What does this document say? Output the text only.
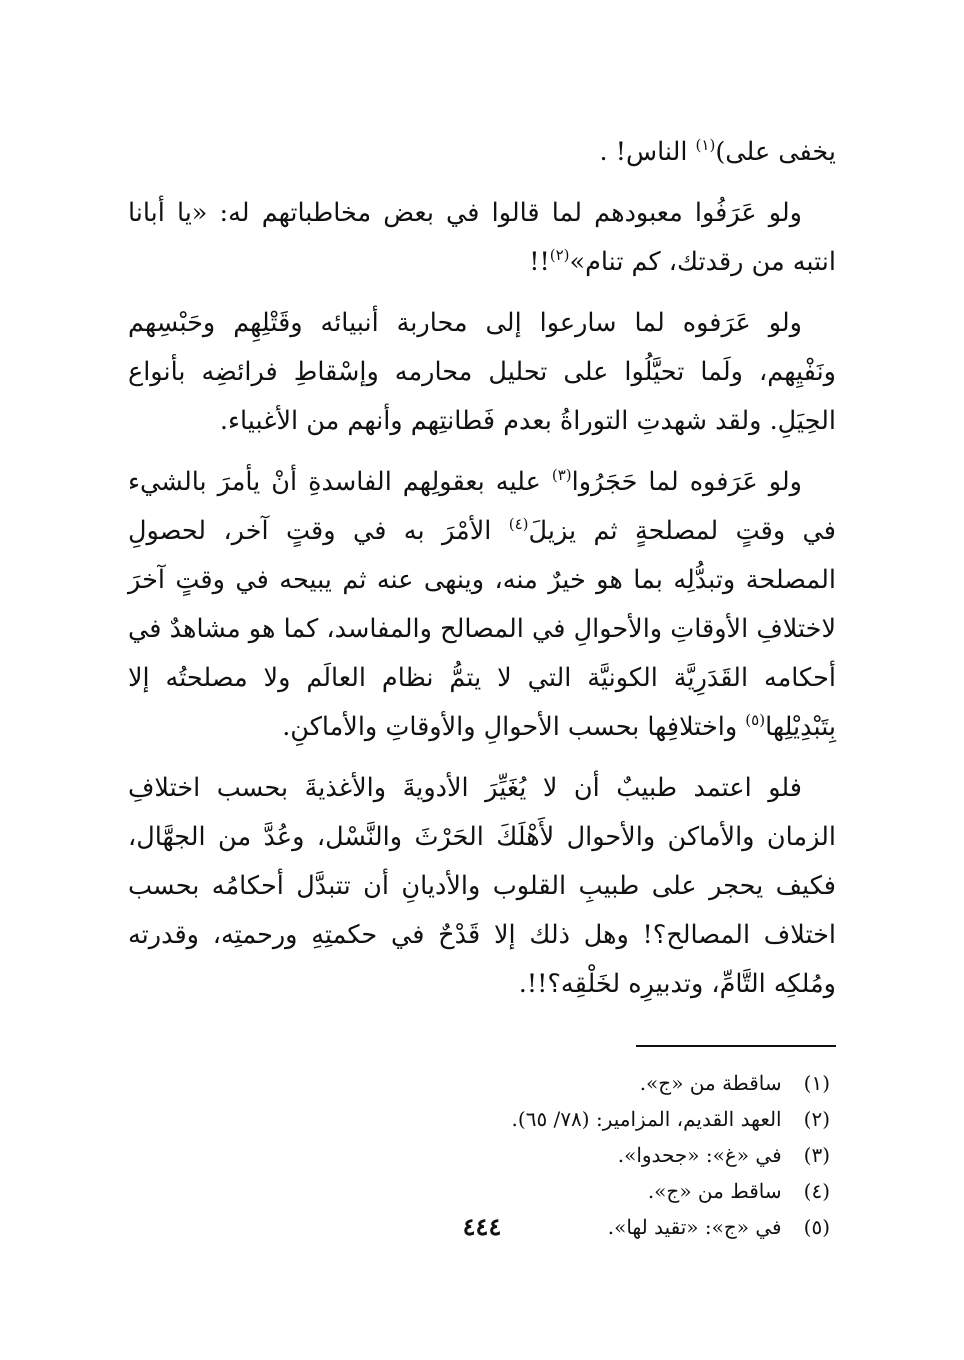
يخفى على)$^{(١)}$ الناس! .

ولو عَرَفُوا معبودهم لما قالوا في بعض مخاطباتهم له: «يا أبانا انتبه من رقدتك، كم تنام»$^{(٢)}$!!

ولو عَرَفوه لما سارعوا إلى محاربة أنبيائه وقَتْلِهِم وحَبْسِهم ونَفْيِهم، ولَما تحيَّلُوا على تحليل محارمه وإسْقاطِ فرائضِه بأنواع الحِيَلِ. ولقد شهدتِ التوراةُ بعدم فَطانتِهم وأنهم من الأغبياء.

ولو عَرَفوه لما حَجَرُوا$^{(٣)}$ عليه بعقولِهم الفاسدةِ أنْ يأمرَ بالشيء في وقتٍ لمصلحةٍ ثم يزيلَ$^{(٤)}$ الأمْرَ به في وقتٍ آخر، لحصولِ المصلحة وتبدُّلِه بما هو خيرٌ منه، وينهى عنه ثم يبيحه في وقتٍ آخرَ لاختلافِ الأوقاتِ والأحوالِ في المصالح والمفاسد، كما هو مشاهدٌ في أحكامه القَدَرِيَّة الكونيَّة التي لا يتمُّ نظام العالَم ولا مصلحتُه إلا بِتَبْدِيْلِها$^{(٥)}$ واختلافِها بحسب الأحوالِ والأوقاتِ والأماكنِ.

فلو اعتمد طبيبٌ أن لا يُغَيِّرَ الأدويةَ والأغذيةَ بحسب اختلافِ الزمان والأماكن والأحوال لأَهْلَكَ الحَرْثَ والنَّسْل، وعُدَّ من الجهَّال، فكيف يحجر على طبيبِ القلوب والأديانِ أن تتبدَّل أحكامُه بحسب اختلاف المصالح؟! وهل ذلك إلا قَدْحٌ في حكمتِهِ ورحمتِه، وقدرته ومُلكِه التَّامِّ، وتدبيرِه لخَلْقِه؟!!.

(١)
ساقطة من «ج».
(٢)
العهد القديم، المزامير: (٧٨/ ٦٥).
(٣)
في «غ»: «جحدوا».
(٤)
ساقط من «ج».
(٥)
في «ج»: «تقيد لها».
٤٤٤
